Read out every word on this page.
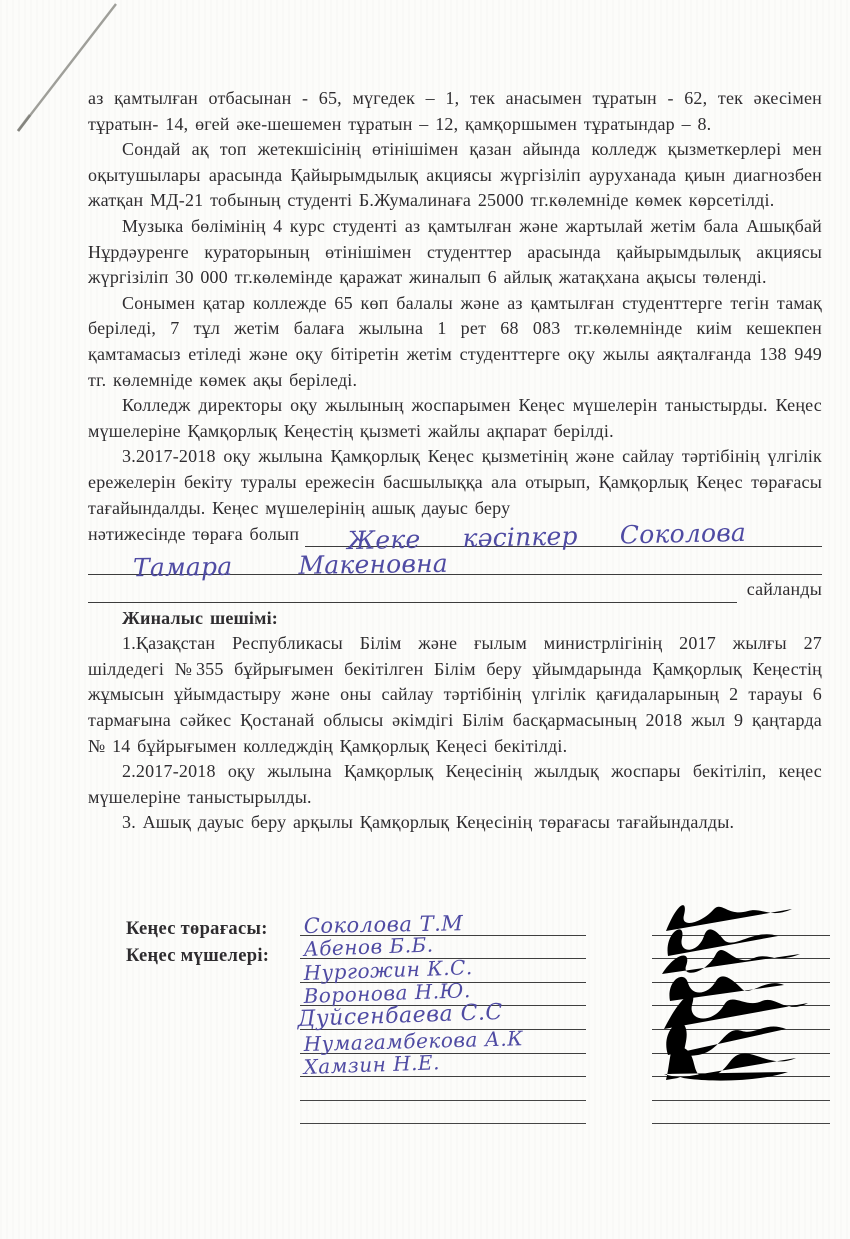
аз қамтылған отбасынан - 65, мүгедек – 1, тек анасымен тұратын - 62, тек әкесімен тұратын- 14, өгей әке-шешемен тұратын – 12, қамқоршымен тұратындар – 8.

Сондай ақ топ жетекшісінің өтінішімен қазан айында колледж қызметкерлері мен оқытушылары арасында Қайырымдылық акциясы жүргізіліп ауруханада қиын диагнозбен жатқан МД-21 тобының студенті Б.Жумалинаға 25000 тг.көлемніде көмек көрсетілді.

Музыка бөлімінің 4 курс студенті аз қамтылған және жартылай жетім бала Ашықбай Нұрдәуренге кураторының өтінішімен студенттер арасында қайырымдылық акциясы жүргізіліп 30 000 тг.көлемінде қаражат жиналып 6 айлық жатақхана ақысы төленді.

Сонымен қатар коллежде 65 көп балалы және аз қамтылған студенттерге тегін тамақ беріледі, 7 тұл жетім балаға жылына 1 рет 68 083 тг.көлемнінде киім кешекпен қамтамасыз етіледі және оқу бітіретін жетім студенттерге оқу жылы аяқталғанда 138 949 тг. көлемніде көмек ақы беріледі.

Колледж директоры оқу жылының жоспарымен Кеңес мүшелерін таныстырды. Кеңес мүшелеріне Қамқорлық Кеңестің қызметі жайлы ақпарат берілді.

3.2017-2018 оқу жылына Қамқорлық Кеңес қызметінің және сайлау тәртібінің үлгілік ережелерін бекіту туралы ережесін басшылыққа ала отырып, Қамқорлық Кеңес төрағасы тағайындалды. Кеңес мүшелерінің ашық дауыс беру

нәтижесінде төраға болып Жеке кәсіпкер Соколова
Тамара Макеновна
сайланды

Жиналыс шешімі:

1.Қазақстан Республикасы Білім және ғылым министрлігінің 2017 жылғы 27 шілдедегі №355 бұйрығымен бекітілген Білім беру ұйымдарында Қамқорлық Кеңестің жұмысын ұйымдастыру және оны сайлау тәртібінің үлгілік қағидаларының 2 тарауы 6 тармағына сәйкес Қостанай облысы әкімдігі Білім басқармасының 2018 жыл 9 қаңтарда № 14 бұйрығымен колледждің Қамқорлық Кеңесі бекітілді.

2.2017-2018 оқу жылына Қамқорлық Кеңесінің жылдық жоспары бекітіліп, кеңес мүшелеріне таныстырылды.

3. Ашық дауыс беру арқылы Қамқорлық Кеңесінің төрағасы тағайындалды.

Кеңес төрағасы:
Кеңес мүшелері:
Соколова Т.М
Абенов Б.Б.
Нургожин К.С.
Воронова Н.Ю.
Дуйсенбаева С.С
Нумагамбекова А.К
Хамзин Н.Е.
